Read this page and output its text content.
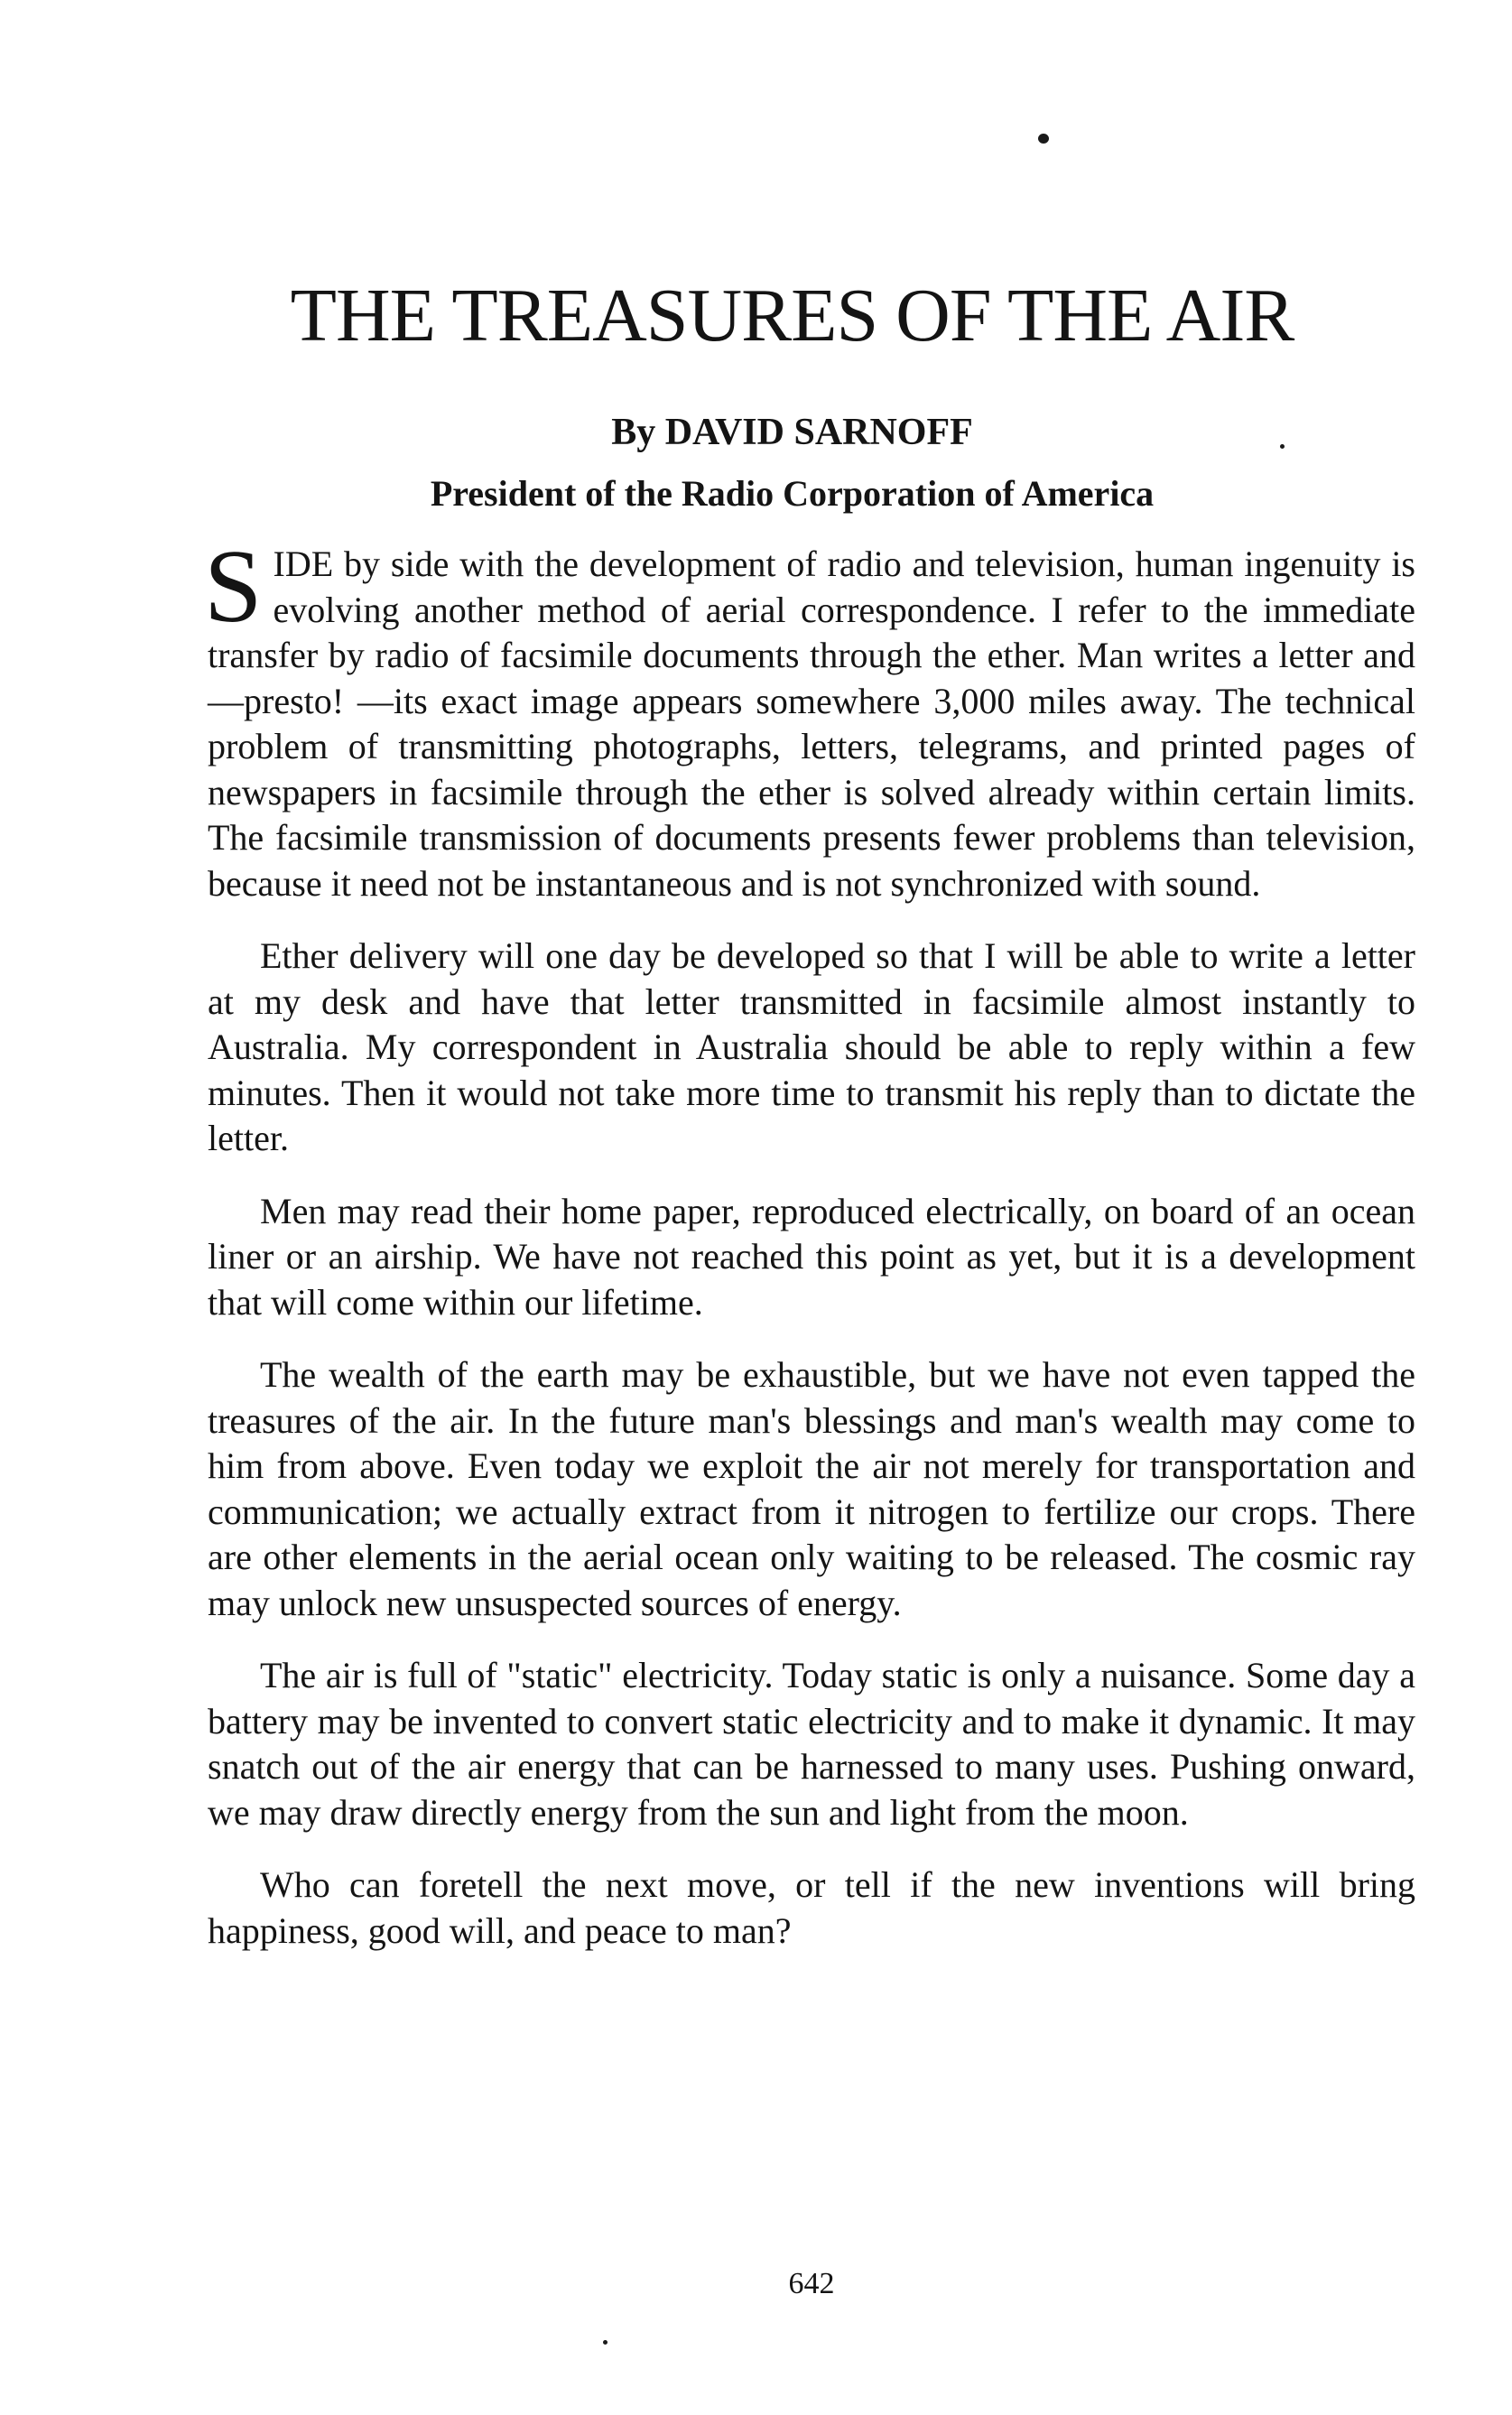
THE TREASURES OF THE AIR

By DAVID SARNOFF

President of the Radio Corporation of America

SIDE by side with the development of radio and television, human ingenuity is evolving another method of aerial correspondence. I refer to the immediate transfer by radio of facsimile documents through the ether. Man writes a letter and—presto! —its exact image appears somewhere 3,000 miles away. The technical problem of transmitting photographs, letters, telegrams, and printed pages of newspapers in facsimile through the ether is solved already within certain limits. The facsimile transmission of documents presents fewer problems than television, because it need not be instantaneous and is not synchronized with sound.

Ether delivery will one day be developed so that I will be able to write a letter at my desk and have that letter transmitted in facsimile almost instantly to Australia. My correspondent in Australia should be able to reply within a few minutes. Then it would not take more time to transmit his reply than to dictate the letter.

Men may read their home paper, reproduced electrically, on board of an ocean liner or an airship. We have not reached this point as yet, but it is a development that will come within our lifetime.

The wealth of the earth may be exhaustible, but we have not even tapped the treasures of the air. In the future man's blessings and man's wealth may come to him from above. Even today we exploit the air not merely for transportation and communication; we actually extract from it nitrogen to fertilize our crops. There are other elements in the aerial ocean only waiting to be released. The cosmic ray may unlock new unsuspected sources of energy.

The air is full of "static" electricity. Today static is only a nuisance. Some day a battery may be invented to convert static electricity and to make it dynamic. It may snatch out of the air energy that can be harnessed to many uses. Pushing onward, we may draw directly energy from the sun and light from the moon.

Who can foretell the next move, or tell if the new inventions will bring happiness, good will, and peace to man?

642
